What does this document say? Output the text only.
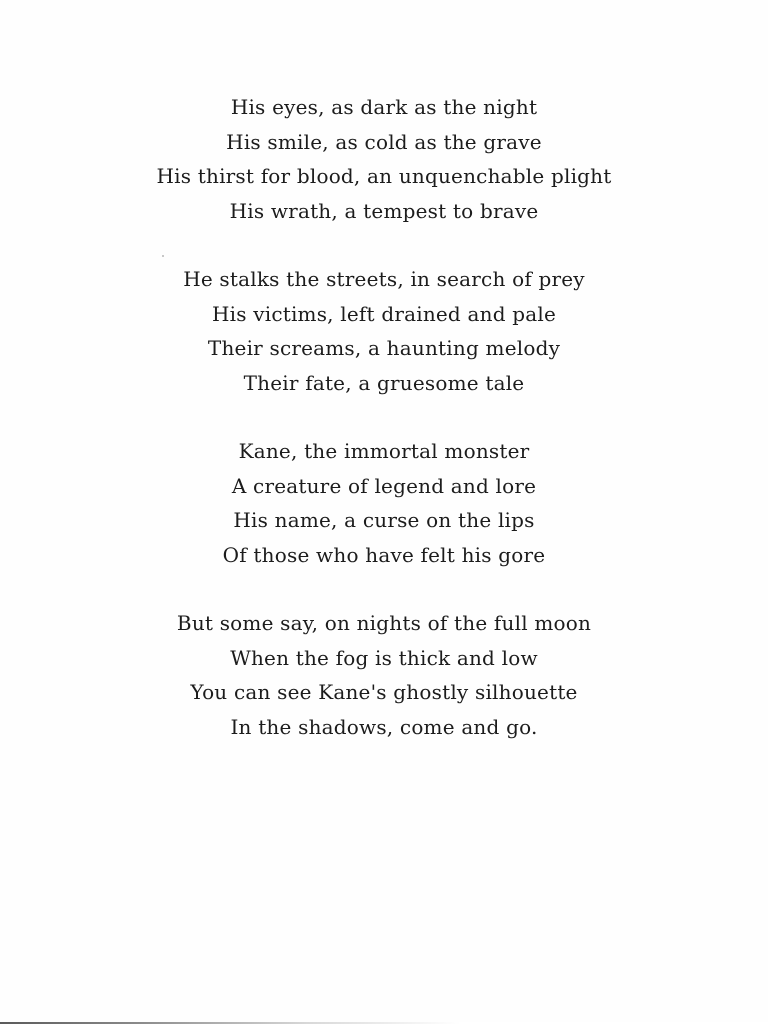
His eyes, as dark as the night
His smile, as cold as the grave
His thirst for blood, an unquenchable plight
His wrath, a tempest to brave
He stalks the streets, in search of prey
His victims, left drained and pale
Their screams, a haunting melody
Their fate, a gruesome tale
Kane, the immortal monster
A creature of legend and lore
His name, a curse on the lips
Of those who have felt his gore
But some say, on nights of the full moon
When the fog is thick and low
You can see Kane's ghostly silhouette
In the shadows, come and go.
